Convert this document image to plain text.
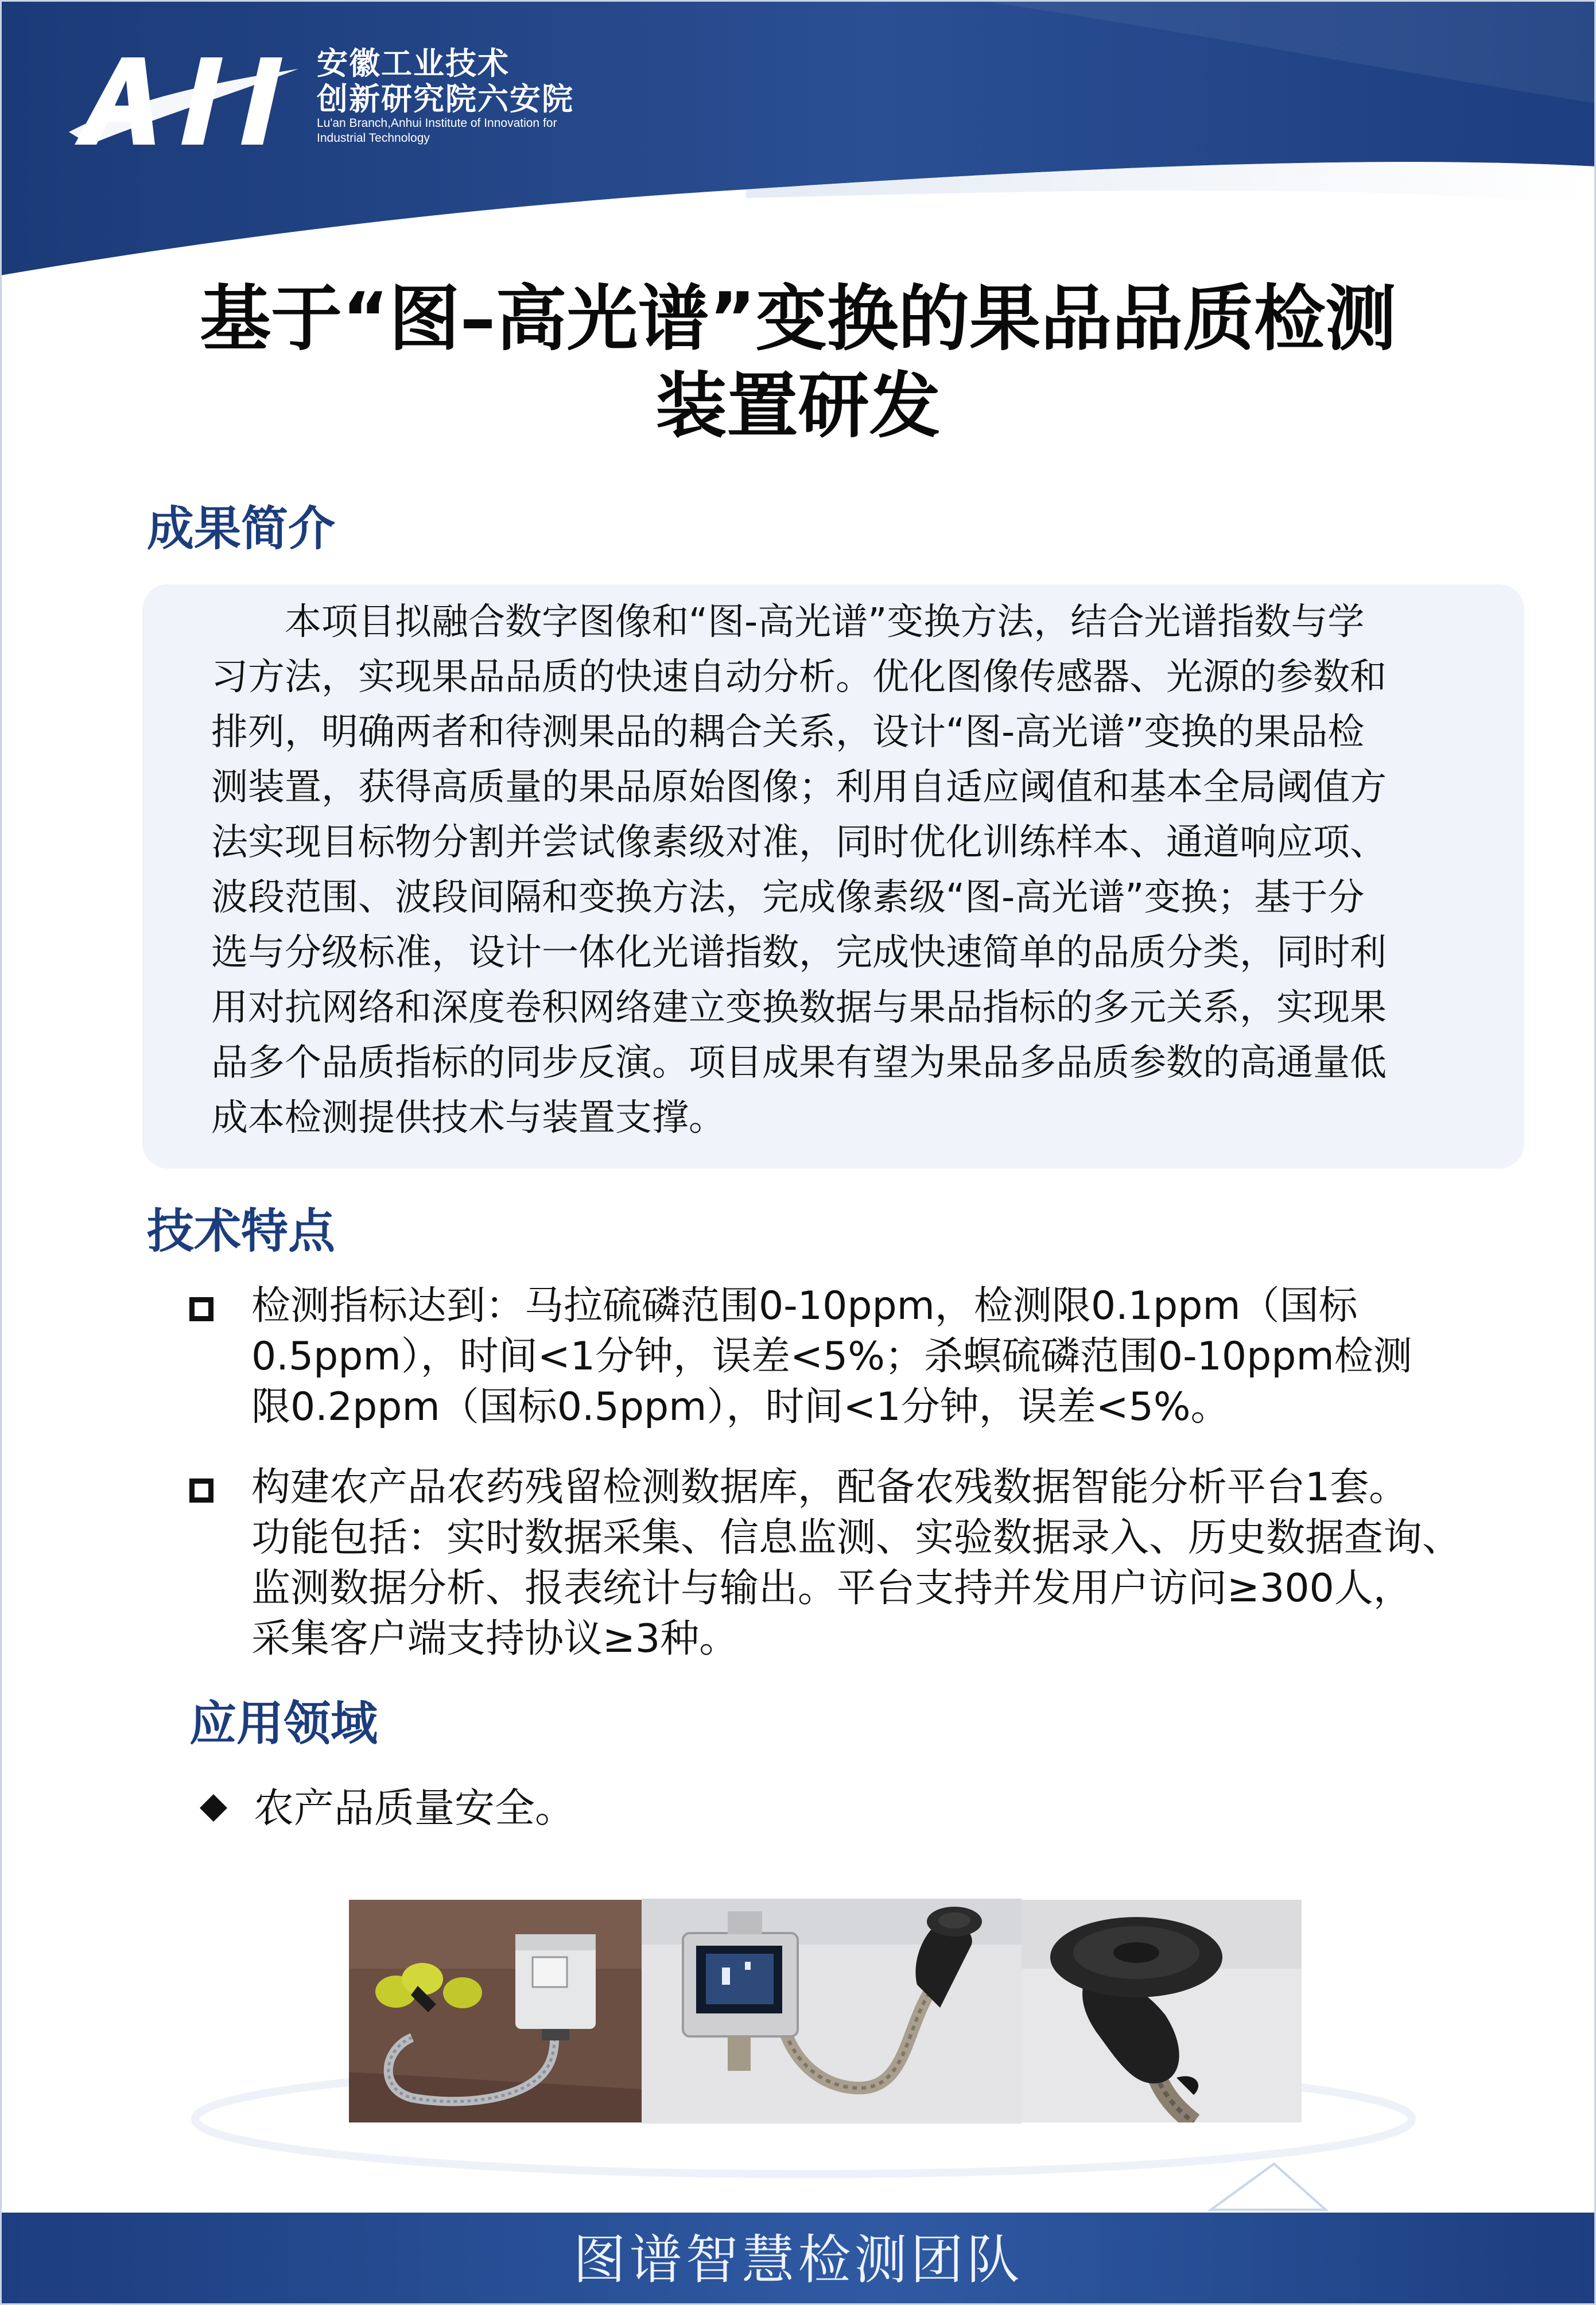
安徽工业技术
创新研究院六安院
Lu'an Branch,Anhui Institute of Innovation for
Industrial Technology
基于“图–高光谱”变换的果品品质检测
装置研发
成果简介
本项目拟融合数字图像和“图-高光谱”变换方法，结合光谱指数与学
习方法，实现果品品质的快速自动分析。优化图像传感器、光源的参数和
排列，明确两者和待测果品的耦合关系，设计“图-高光谱”变换的果品检
测装置，获得高质量的果品原始图像；利用自适应阈值和基本全局阈值方
法实现目标物分割并尝试像素级对准，同时优化训练样本、通道响应项、
波段范围、波段间隔和变换方法，完成像素级“图-高光谱”变换；基于分
选与分级标准，设计一体化光谱指数，完成快速简单的品质分类，同时利
用对抗网络和深度卷积网络建立变换数据与果品指标的多元关系，实现果
品多个品质指标的同步反演。项目成果有望为果品多品质参数的高通量低
成本检测提供技术与装置支撑。
技术特点
检测指标达到：马拉硫磷范围0-10ppm，检测限0.1ppm（国标
0.5ppm），时间<1分钟，误差<5%；杀螟硫磷范围0-10ppm检测
限0.2ppm（国标0.5ppm），时间<1分钟，误差<5%。
构建农产品农药残留检测数据库，配备农残数据智能分析平台1套。
功能包括：实时数据采集、信息监测、实验数据录入、历史数据查询、
监测数据分析、报表统计与输出。平台支持并发用户访问≥300人，
采集客户端支持协议≥3种。
应用领域
农产品质量安全。
图谱智慧检测团队
